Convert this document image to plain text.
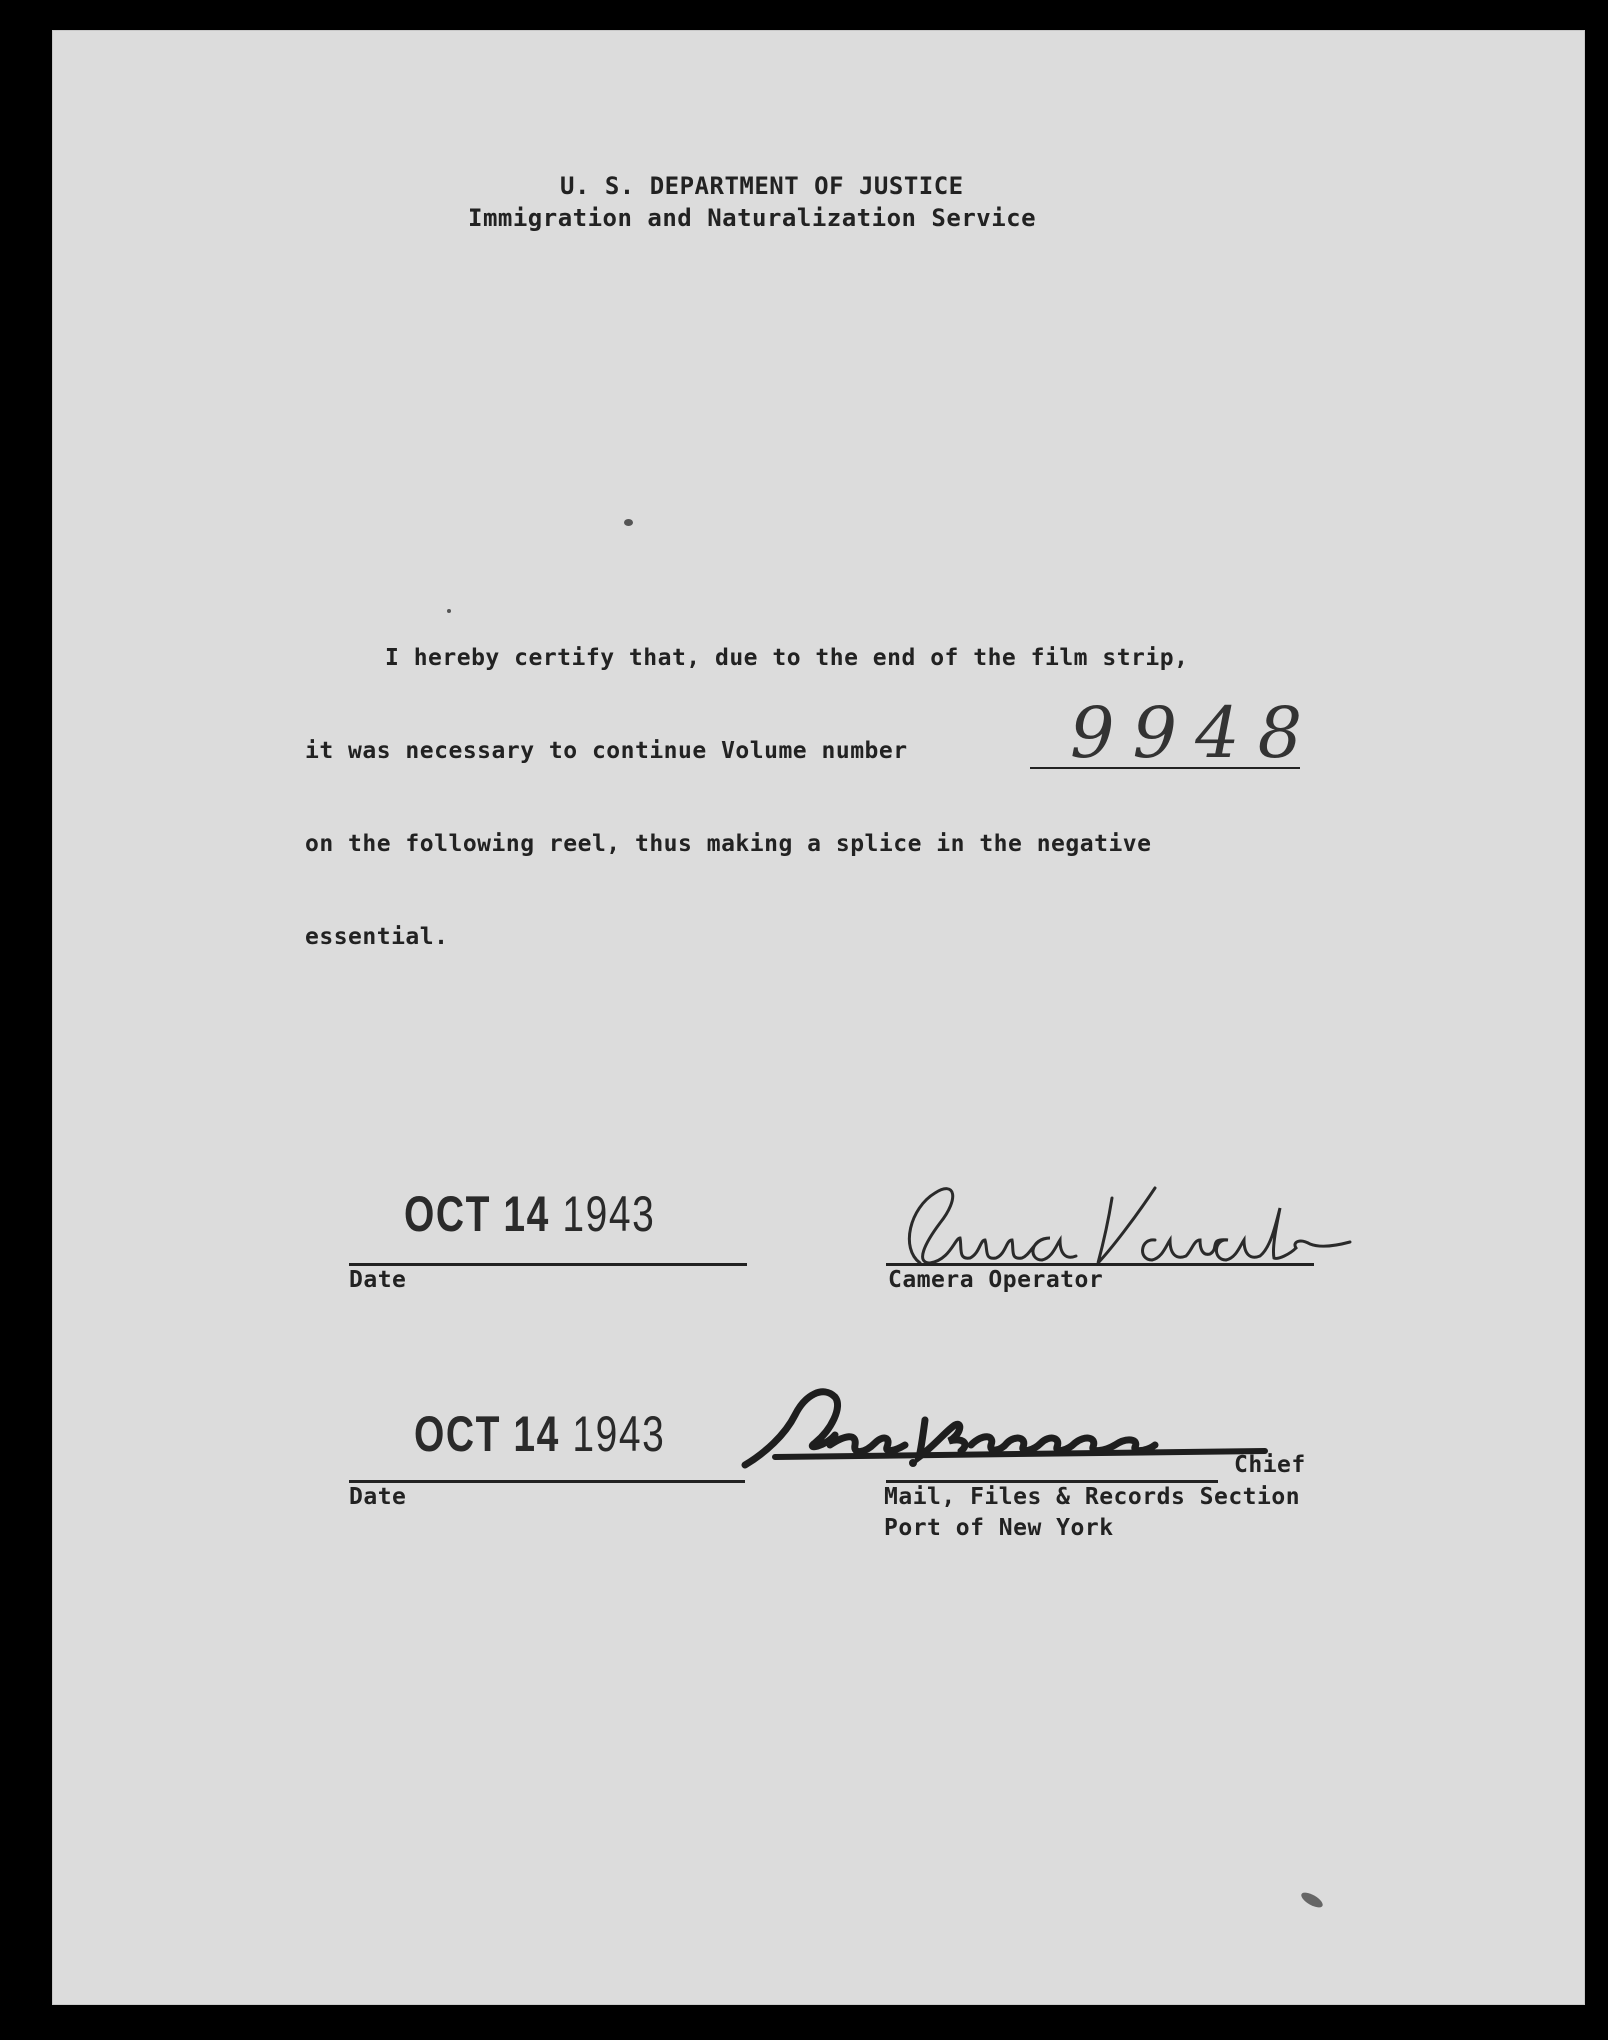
U. S. DEPARTMENT OF JUSTICE
Immigration and Naturalization Service
I hereby certify that, due to the end of the film strip,
it was necessary to continue Volume number 9948
on the following reel, thus making a splice in the negative
essential.
OCT 14 1943
Date	Camera Operator
OCT 14 1943
Date
Chief
Mail, Files & Records Section
Port of New York
